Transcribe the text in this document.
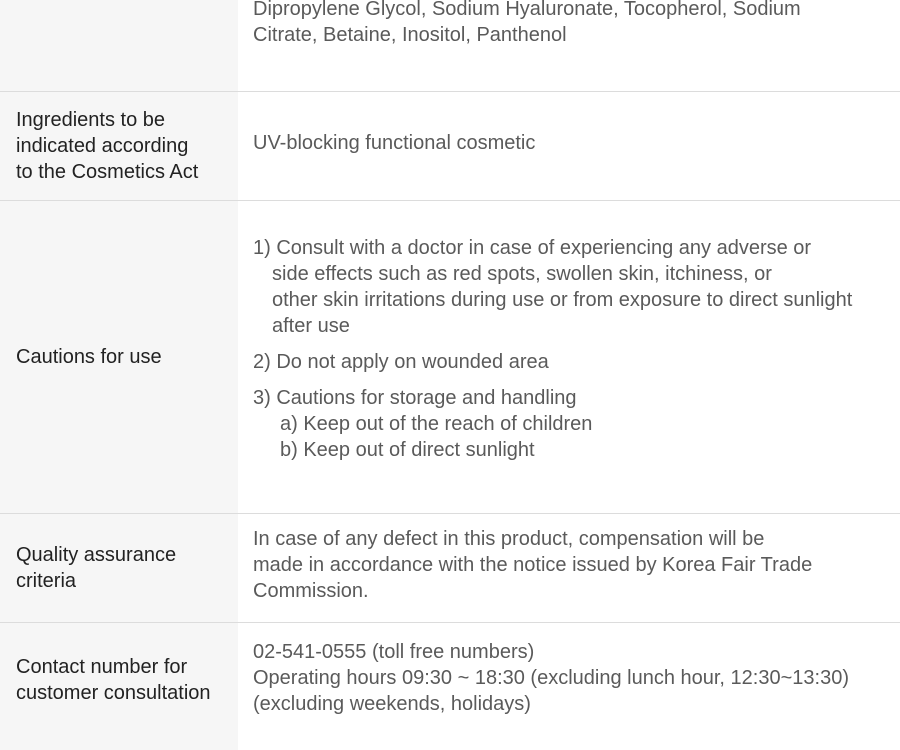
Dipropylene Glycol, Sodium Hyaluronate, Tocopherol, Sodium
Citrate, Betaine, Inositol, Panthenol
Ingredients to be
indicated according
to the Cosmetics Act
UV-blocking functional cosmetic
Cautions for use
1) Consult with a doctor in case of experiencing any adverse or
side effects such as red spots, swollen skin, itchiness, or
other skin irritations during use or from exposure to direct sunlight
after use
2) Do not apply on wounded area
3) Cautions for storage and handling
a) Keep out of the reach of children
b) Keep out of direct sunlight
Quality assurance
criteria
In case of any defect in this product, compensation will be
made in accordance with the notice issued by Korea Fair Trade
Commission.
Contact number for
customer consultation
02-541-0555 (toll free numbers)
Operating hours 09:30 ~ 18:30 (excluding lunch hour, 12:30~13:30)
(excluding weekends, holidays)
